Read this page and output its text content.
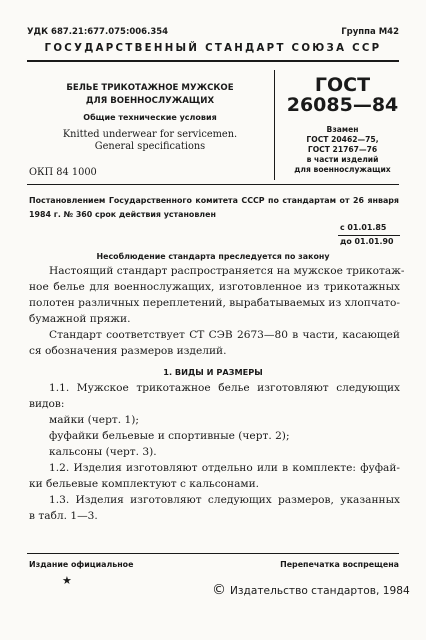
УДК 687.21:677.075:006.354	Группа М42
ГОСУДАРСТВЕННЫЙ СТАНДАРТ СОЮЗА ССР
БЕЛЬЕ ТРИКОТАЖНОЕ МУЖСКОЕ
ДЛЯ ВОЕННОСЛУЖАЩИХ
Общие технические условия
Knitted underwear for servicemen.
General specifications
ОКП 84 1000
ГОСТ
26085—84
Взамен
ГОСТ 20462—75,
ГОСТ 21767—76
в части изделий
для военнослужащих
Постановлением Государственного комитета СССР по стандартам от 26 января
1984 г. № 360 срок действия установлен
с 01.01.85
до 01.01.90
Несоблюдение стандарта преследуется по закону
Настоящий стандарт распространяется на мужское трикотаж-
ное белье для военнослужащих, изготовленное из трикотажных
полотен различных переплетений, вырабатываемых из хлопчато-
бумажной пряжи.
Стандарт соответствует СТ СЭВ 2673—80 в части, касающей
ся обозначения размеров изделий.
1. ВИДЫ И РАЗМЕРЫ
1.1. Мужское трикотажное белье изготовляют следующих
видов:
майки (черт. 1);
фуфайки бельевые и спортивные (черт. 2);
кальсоны (черт. 3).
1.2. Изделия изготовляют отдельно или в комплекте: фуфай-
ки бельевые комплектуют с кальсонами.
1.3. Изделия изготовляют следующих размеров, указанных
в табл. 1—3.
Издание официальное	Перепечатка воспрещена
★
© Издательство стандартов, 1984
